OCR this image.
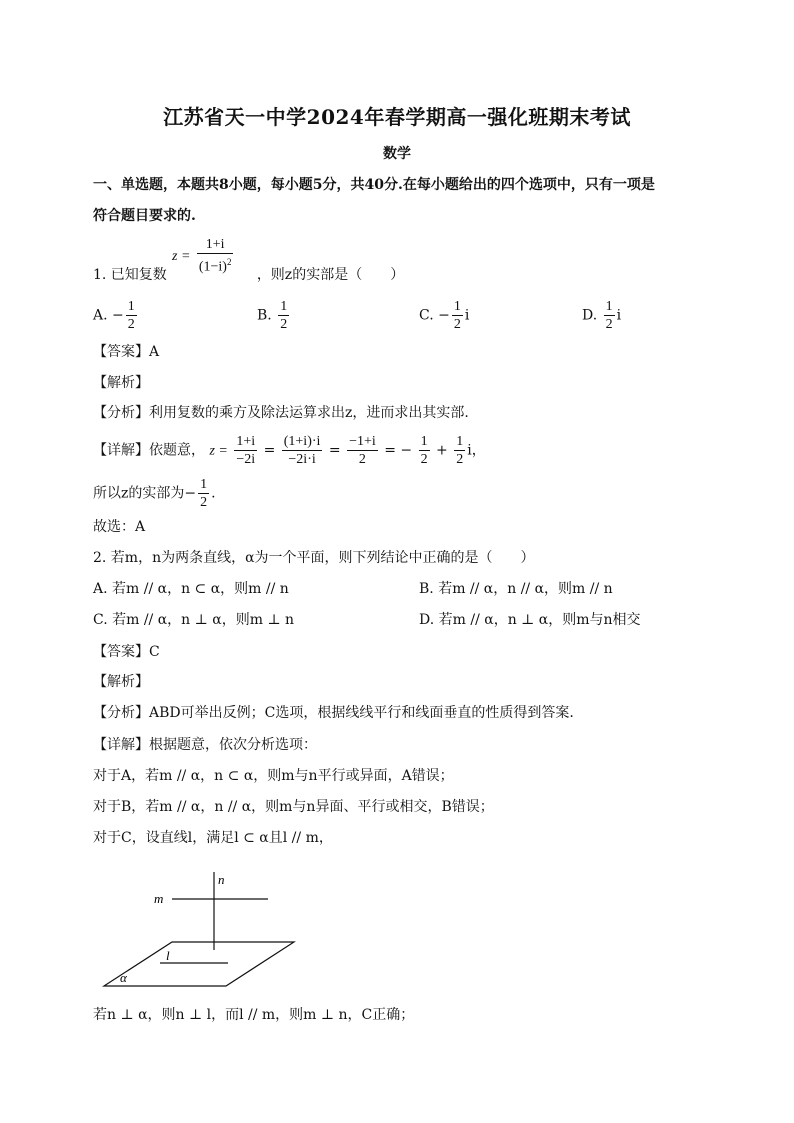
江苏省天一中学2024年春学期高一强化班期末考试
数学
一、单选题，本题共8小题，每小题5分，共40分.在每小题给出的四个选项中，只有一项是
符合题目要求的.
$z = \frac{1+i}{(1-i)^2}$
1. 已知复数	，则z的实部是（　　）
A. − $\frac{1}{2}$	B. $\frac{1}{2}$	C. − $\frac{1}{2}$ i	D. $\frac{1}{2}$ i
【答案】A
【解析】
【分析】利用复数的乘方及除法运算求出z，进而求出其实部.
【详解】依题意， $z = \frac{1+i}{-2i} = \frac{(1+i)\cdot i}{-2i\cdot i} = \frac{-1+i}{2}$ = − $\frac{1}{2} + \frac{1}{2}$ i，
所以z的实部为− $\frac{1}{2}$ .
故选：A
2. 若m，n为两条直线，α为一个平面，则下列结论中正确的是（　　）
A. 若m // α，n ⊂ α，则m // n	B. 若m // α，n // α，则m // n
C. 若m // α，n ⊥ α，则m ⊥ n	D. 若m // α，n ⊥ α，则m与n相交
【答案】C
【解析】
【分析】ABD可举出反例；C选项，根据线线平行和线面垂直的性质得到答案.
【详解】根据题意，依次分析选项：
对于A，若m // α，n ⊂ α，则m与n平行或异面，A错误；
对于B，若m // α，n // α，则m与n异面、平行或相交，B错误；
对于C，设直线l，满足l ⊂ α且l // m，
n
m
l
α
若n ⊥ α，则n ⊥ l，而l // m，则m ⊥ n，C正确；
